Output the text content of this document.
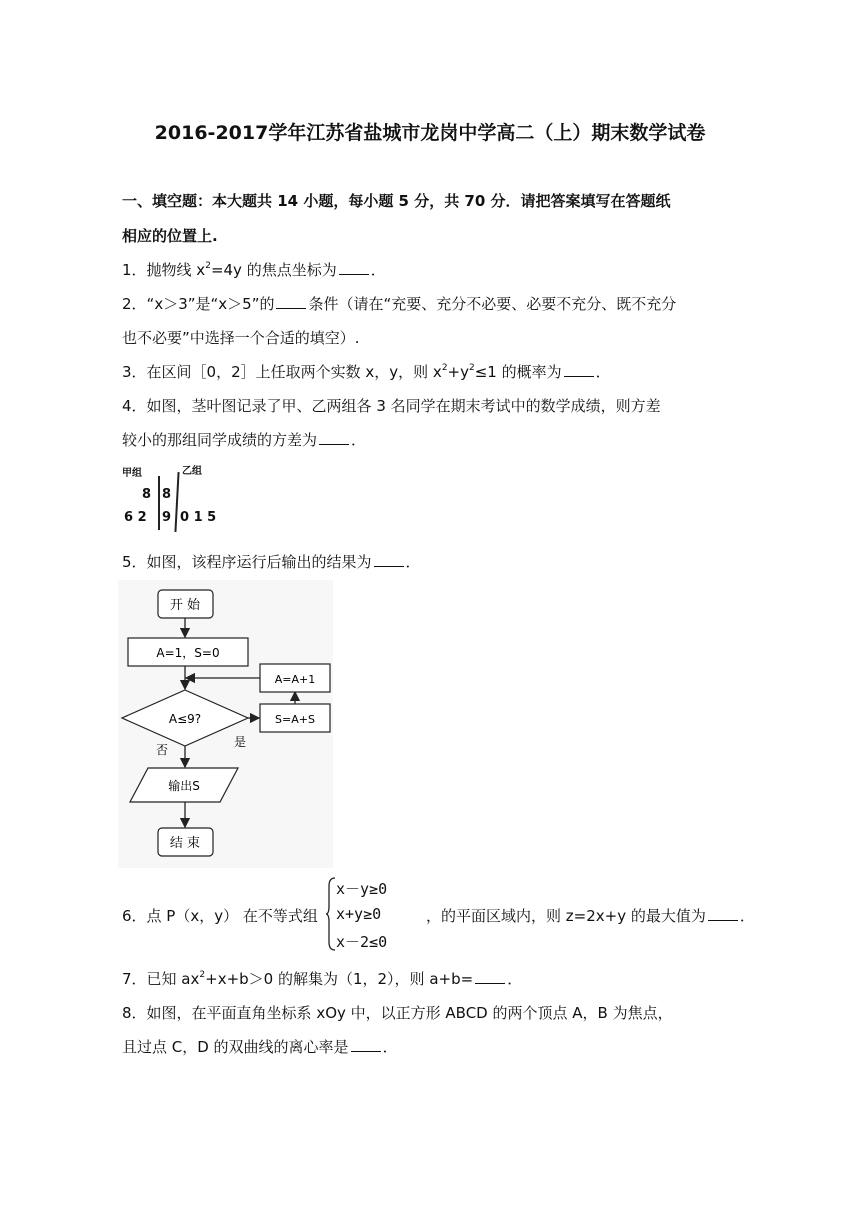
2016-2017学年江苏省盐城市龙岗中学高二（上）期末数学试卷
一、填空题：本大题共 14 小题，每小题 5 分，共 70 分．请把答案填写在答题纸
相应的位置上.
1．抛物线 $x^2=4y$ 的焦点坐标为 ．
2．“x＞3”是“x＞5”的 条件（请在“充要、充分不必要、必要不充分、既不充分
也不必要”中选择一个合适的填空）.
3．在区间［0，2］上任取两个实数 x，y，则 $x^2+y^2\le 1$ 的概率为 ．
4．如图，茎叶图记录了甲、乙两组各 3 名同学在期末考试中的数学成绩，则方差
较小的那组同学成绩的方差为 ．
甲组	乙组
8 8
6 2 9 0 1 5
5．如图，该程序运行后输出的结果为 ．
开 始
A=1，S=0
A≤9?	S=A+S
A=A+1
是
否
输出S
结 束
6．点 P（x，y） 在不等式组
x－y≥0
x+y≥0
x－2≤0
，的平面区域内，则 z=2x+y 的最大值为 ．
7．已知 $ax^2+x+b>0$ 的解集为（1，2），则 a+b= ．
8．如图，在平面直角坐标系 xOy 中，以正方形 ABCD 的两个顶点 A，B 为焦点，
且过点 C，D 的双曲线的离心率是 ．
